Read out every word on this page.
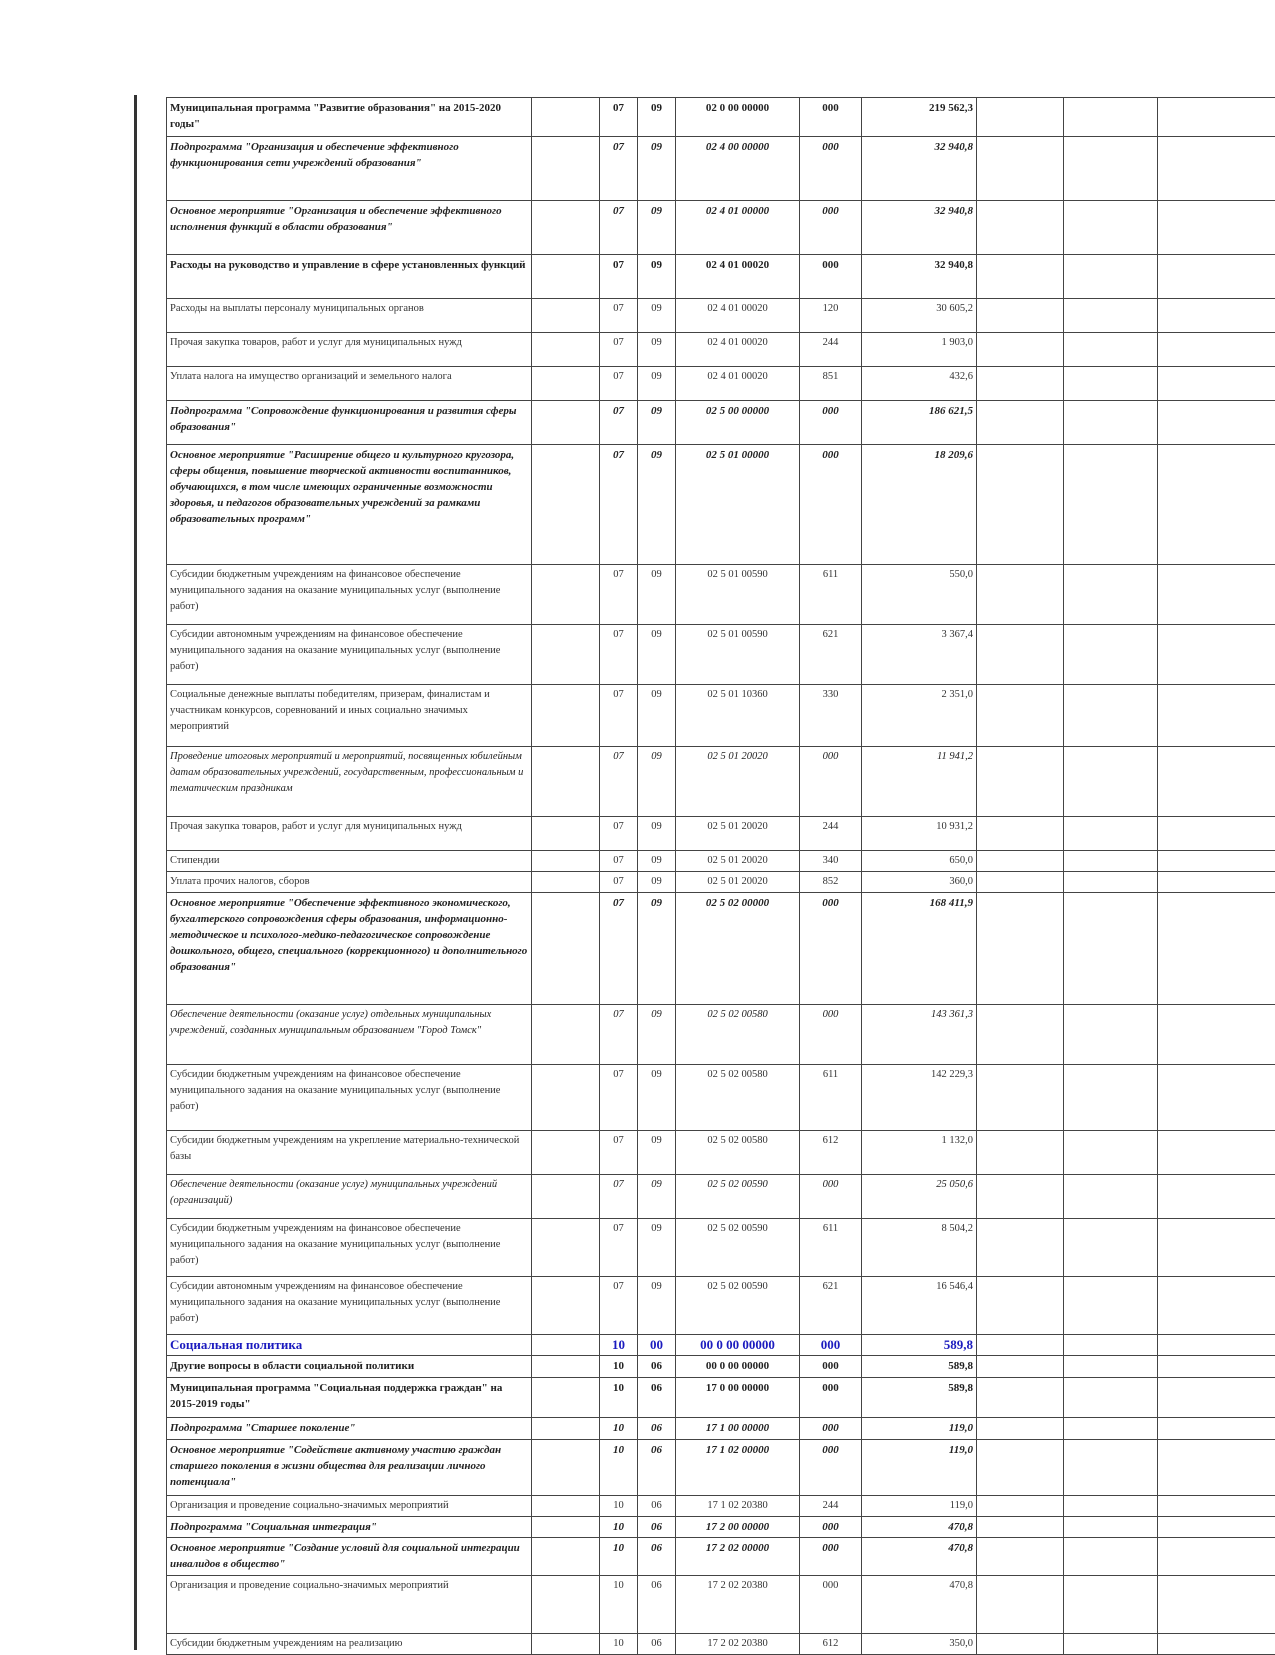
Муниципальная программа "Развитие образования" на 2015-2020 годы"		07	09	02 0 00 00000	000	219 562,3			
Подпрограмма "Организация и обеспечение эффективного функционирования сети учреждений образования"		07	09	02 4 00 00000	000	32 940,8			
Основное мероприятие "Организация и обеспечение эффективного исполнения функций в области образования"		07	09	02 4 01 00000	000	32 940,8			
Расходы на руководство и управление в сфере установленных функций		07	09	02 4 01 00020	000	32 940,8			
Расходы на выплаты персоналу муниципальных органов		07	09	02 4 01 00020	120	30 605,2			
Прочая закупка товаров, работ и услуг для муниципальных нужд		07	09	02 4 01 00020	244	1 903,0			
Уплата налога на имущество организаций и земельного налога		07	09	02 4 01 00020	851	432,6			
Подпрограмма "Сопровождение функционирования и развития сферы образования"		07	09	02 5 00 00000	000	186 621,5			
Основное мероприятие "Расширение общего и культурного кругозора, сферы общения, повышение творческой активности воспитанников, обучающихся, в том числе имеющих ограниченные возможности здоровья, и педагогов образовательных учреждений за рамками образовательных программ"		07	09	02 5 01 00000	000	18 209,6			
Субсидии бюджетным учреждениям на финансовое обеспечение муниципального задания на оказание муниципальных услуг (выполнение работ)		07	09	02 5 01 00590	611	550,0			
Субсидии автономным учреждениям на финансовое обеспечение муниципального задания на оказание муниципальных услуг (выполнение работ)		07	09	02 5 01 00590	621	3 367,4			
Социальные денежные выплаты победителям, призерам, финалистам и участникам конкурсов, соревнований и иных социально значимых мероприятий		07	09	02 5 01 10360	330	2 351,0			
Проведение итоговых мероприятий и мероприятий, посвященных юбилейным датам образовательных учреждений, государственным, профессиональным и тематическим праздникам		07	09	02 5 01 20020	000	11 941,2			
Прочая закупка товаров, работ и услуг для муниципальных нужд		07	09	02 5 01 20020	244	10 931,2			
Стипендии		07	09	02 5 01 20020	340	650,0			
Уплата прочих налогов, сборов		07	09	02 5 01 20020	852	360,0			
Основное мероприятие "Обеспечение эффективного экономического, бухгалтерского сопровождения сферы образования, информационно-методическое и психолого-медико-педагогическое сопровождение дошкольного, общего, специального (коррекционного) и дополнительного образования"		07	09	02 5 02 00000	000	168 411,9			
Обеспечение деятельности (оказание услуг) отдельных муниципальных учреждений, созданных муниципальным образованием "Город Томск"		07	09	02 5 02 00580	000	143 361,3			
Субсидии бюджетным учреждениям на финансовое обеспечение муниципального задания на оказание муниципальных услуг (выполнение работ)		07	09	02 5 02 00580	611	142 229,3			
Субсидии бюджетным учреждениям на укрепление материально-технической базы		07	09	02 5 02 00580	612	1 132,0			
Обеспечение деятельности (оказание услуг) муниципальных учреждений (организаций)		07	09	02 5 02 00590	000	25 050,6			
Субсидии бюджетным учреждениям на финансовое обеспечение муниципального задания на оказание муниципальных услуг (выполнение работ)		07	09	02 5 02 00590	611	8 504,2			
Субсидии автономным учреждениям на финансовое обеспечение муниципального задания на оказание муниципальных услуг (выполнение работ)		07	09	02 5 02 00590	621	16 546,4			
Социальная политика		10	00	00 0 00 00000	000	589,8			
Другие вопросы в области социальной политики		10	06	00 0 00 00000	000	589,8			
Муниципальная программа "Социальная поддержка граждан" на 2015-2019 годы"		10	06	17 0 00 00000	000	589,8			
Подпрограмма "Старшее поколение"		10	06	17 1 00 00000	000	119,0			
Основное мероприятие "Содействие активному участию граждан старшего поколения в жизни общества для реализации личного потенциала"		10	06	17 1 02 00000	000	119,0			
Организация и проведение социально-значимых мероприятий		10	06	17 1 02 20380	244	119,0			
Подпрограмма "Социальная интеграция"		10	06	17 2 00 00000	000	470,8			
Основное мероприятие "Создание условий для социальной интеграции инвалидов в общество"		10	06	17 2 02 00000	000	470,8			
Организация и проведение социально-значимых мероприятий		10	06	17 2 02 20380	000	470,8			
Субсидии бюджетным учреждениям на реализацию		10	06	17 2 02 20380	612	350,0			
